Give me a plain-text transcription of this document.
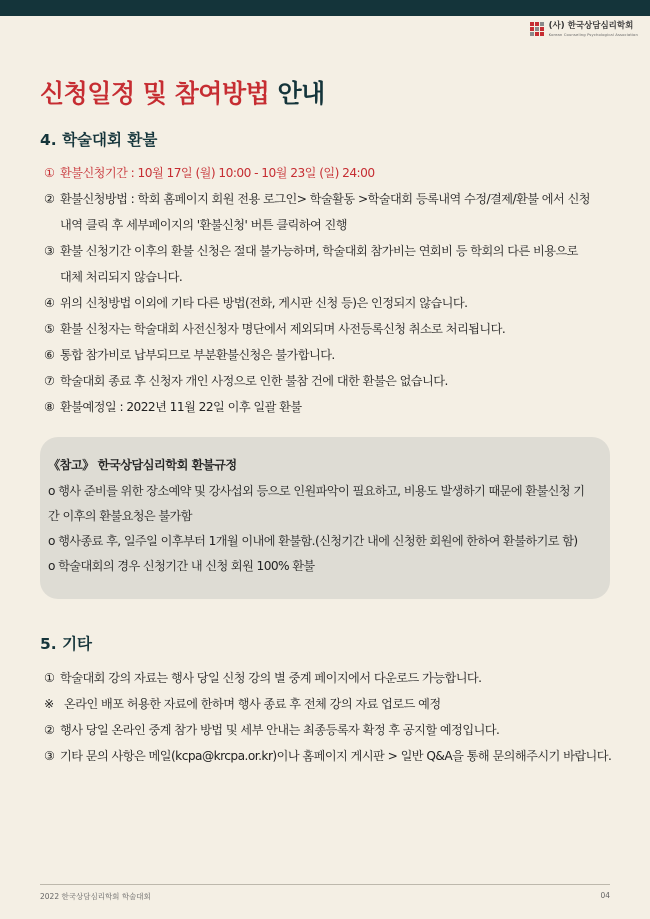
(사) 한국상담심리학회
Korean Counseling Psychological Association
신청일정 및 참여방법 안내
4. 학술대회 환불
① 환불신청기간 : 10월 17일 (월) 10:00 - 10월 23일 (일) 24:00
② 환불신청방법 : 학회 홈페이지 회원 전용 로그인> 학술활동 >학술대회 등록내역 수정/결제/환불 에서 신청
내역 클릭 후 세부페이지의 '환불신청' 버튼 클릭하여 진행
③ 환불 신청기간 이후의 환불 신청은 절대 불가능하며, 학술대회 참가비는 연회비 등 학회의 다른 비용으로
대체 처리되지 않습니다.
④ 위의 신청방법 이외에 기타 다른 방법(전화, 게시판 신청 등)은 인정되지 않습니다.
⑤ 환불 신청자는 학술대회 사전신청자 명단에서 제외되며 사전등록신청 취소로 처리됩니다.
⑥ 통합 참가비로 납부되므로 부분환불신청은 불가합니다.
⑦ 학술대회 종료 후 신청자 개인 사정으로 인한 불참 건에 대한 환불은 없습니다.
⑧ 환불예정일 : 2022년 11월 22일 이후 일괄 환불
《참고》 한국상담심리학회 환불규정
o 행사 준비를 위한 장소예약 및 강사섭외 등으로 인원파악이 필요하고, 비용도 발생하기 때문에 환불신청 기
간 이후의 환불요청은 불가함
o 행사종료 후, 일주일 이후부터 1개월 이내에 환불함.(신청기간 내에 신청한 회원에 한하여 환불하기로 함)
o 학술대회의 경우 신청기간 내 신청 회원 100% 환불
5. 기타
① 학술대회 강의 자료는 행사 당일 신청 강의 별 중계 페이지에서 다운로드 가능합니다.
※ 온라인 배포 허용한 자료에 한하며 행사 종료 후 전체 강의 자료 업로드 예정
② 행사 당일 온라인 중계 참가 방법 및 세부 안내는 최종등록자 확정 후 공지할 예정입니다.
③ 기타 문의 사항은 메일(kcpa@krcpa.or.kr)이나 홈페이지 게시판 > 일반 Q&A을 통해 문의해주시기 바랍니다.
2022 한국상담심리학회 학술대회	04
